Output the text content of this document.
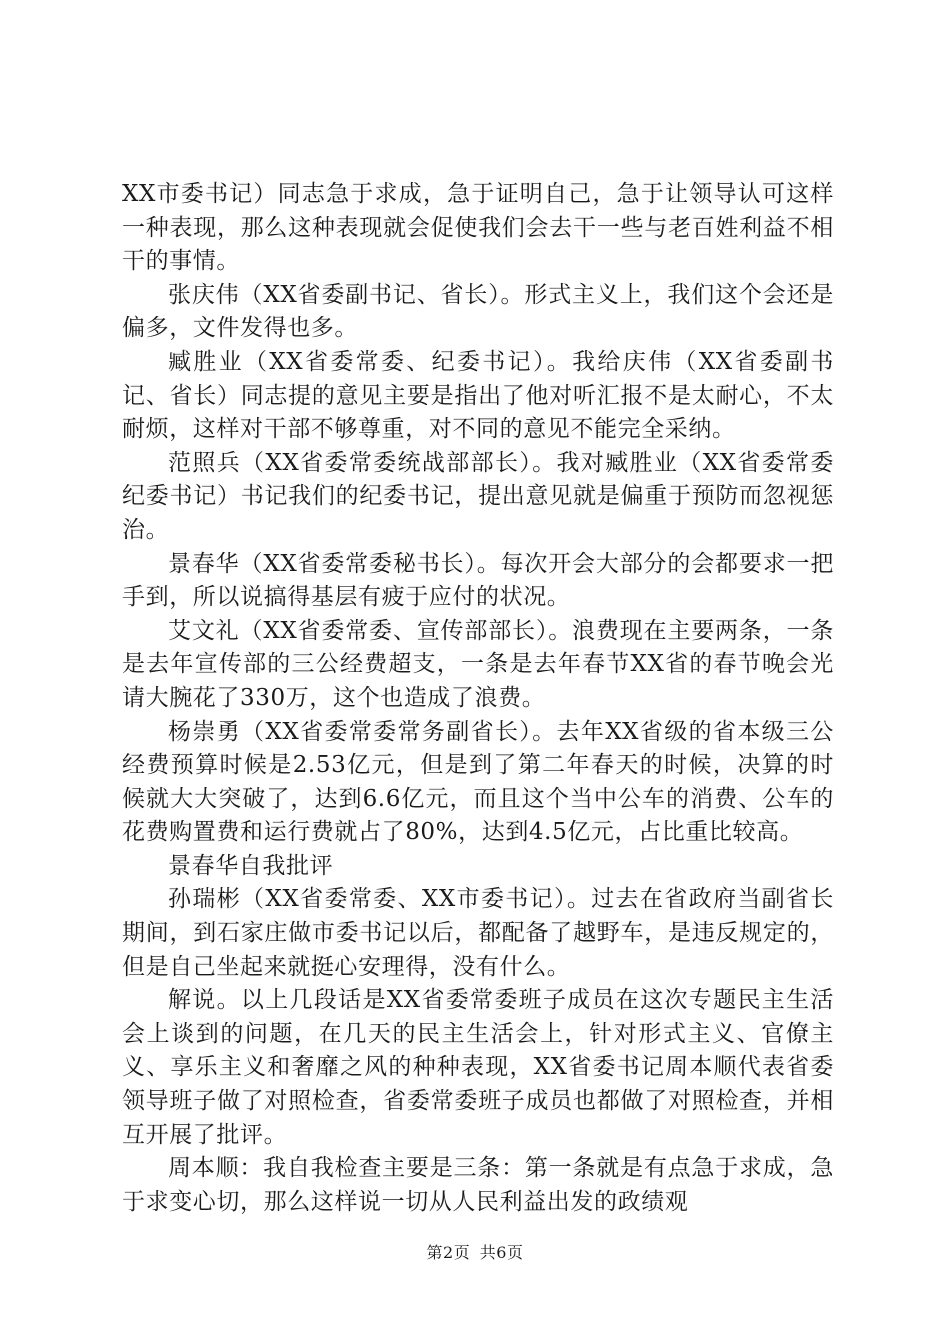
XX市委书记）同志急于求成，急于证明自己，急于让领导认可这样一种表现，那么这种表现就会促使我们会去干一些与老百姓利益不相干的事情。

张庆伟（XX省委副书记、省长）。形式主义上，我们这个会还是偏多，文件发得也多。

臧胜业（XX省委常委、纪委书记）。我给庆伟（XX省委副书记、省长）同志提的意见主要是指出了他对听汇报不是太耐心，不太耐烦，这样对干部不够尊重，对不同的意见不能完全采纳。

范照兵（XX省委常委统战部部长）。我对臧胜业（XX省委常委纪委书记）书记我们的纪委书记，提出意见就是偏重于预防而忽视惩治。

景春华（XX省委常委秘书长）。每次开会大部分的会都要求一把手到，所以说搞得基层有疲于应付的状况。

艾文礼（XX省委常委、宣传部部长）。浪费现在主要两条，一条是去年宣传部的三公经费超支，一条是去年春节XX省的春节晚会光请大腕花了330万，这个也造成了浪费。

杨崇勇（XX省委常委常务副省长）。去年XX省级的省本级三公经费预算时候是2.53亿元，但是到了第二年春天的时候，决算的时候就大大突破了，达到6.6亿元，而且这个当中公车的消费、公车的花费购置费和运行费就占了80%，达到4.5亿元，占比重比较高。

景春华自我批评

孙瑞彬（XX省委常委、XX市委书记）。过去在省政府当副省长期间，到石家庄做市委书记以后，都配备了越野车，是违反规定的，但是自己坐起来就挺心安理得，没有什么。

解说。以上几段话是XX省委常委班子成员在这次专题民主生活会上谈到的问题，在几天的民主生活会上，针对形式主义、官僚主义、享乐主义和奢靡之风的种种表现，XX省委书记周本顺代表省委领导班子做了对照检查，省委常委班子成员也都做了对照检查，并相互开展了批评。

周本顺：我自我检查主要是三条：第一条就是有点急于求成，急于求变心切，那么这样说一切从人民利益出发的政绩观

第2页 共6页
